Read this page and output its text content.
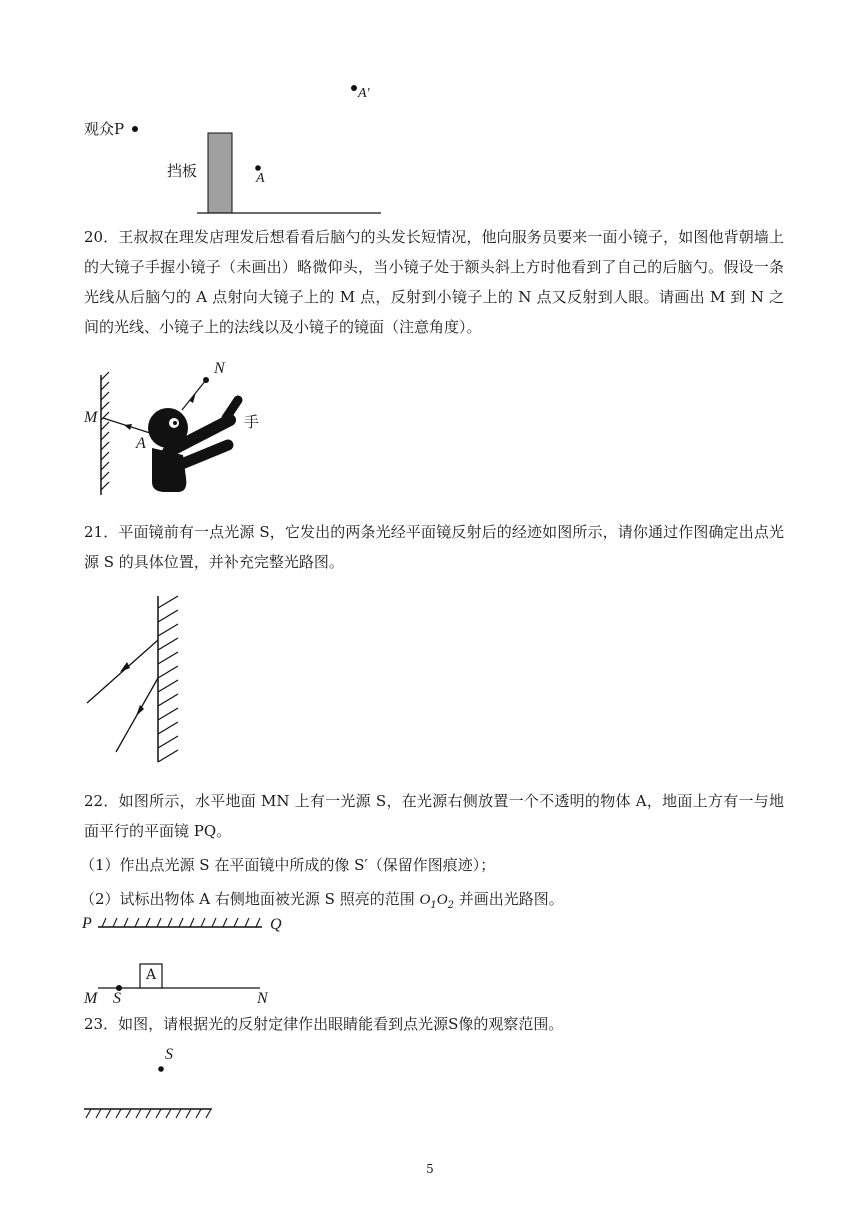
A′
观众P
挡板	A
20．王叔叔在理发店理发后想看看后脑勺的头发长短情况，他向服务员要来一面小镜子，如图他背朝墙上的大镜子手握小镜子（未画出）略微仰头，当小镜子处于额头斜上方时他看到了自己的后脑勺。假设一条光线从后脑勺的 A 点射向大镜子上的 M 点，反射到小镜子上的 N 点又反射到人眼。请画出 M 到 N 之间的光线、小镜子上的法线以及小镜子的镜面（注意角度）。
N
M
A
手
21．平面镜前有一点光源 S，它发出的两条光经平面镜反射后的经迹如图所示，请你通过作图确定出点光源 S 的具体位置，并补充完整光路图。
22．如图所示，水平地面 MN 上有一光源 S，在光源右侧放置一个不透明的物体 A，地面上方有一与地面平行的平面镜 PQ。
（1）作出点光源 S 在平面镜中所成的像 S′（保留作图痕迹）；
（2）试标出物体 A 右侧地面被光源 S 照亮的范围 $O_1O_2$ 并画出光路图。
P	Q
A
M S	N
23．如图，请根据光的反射定律作出眼睛能看到点光源S像的观察范围。
S
5
